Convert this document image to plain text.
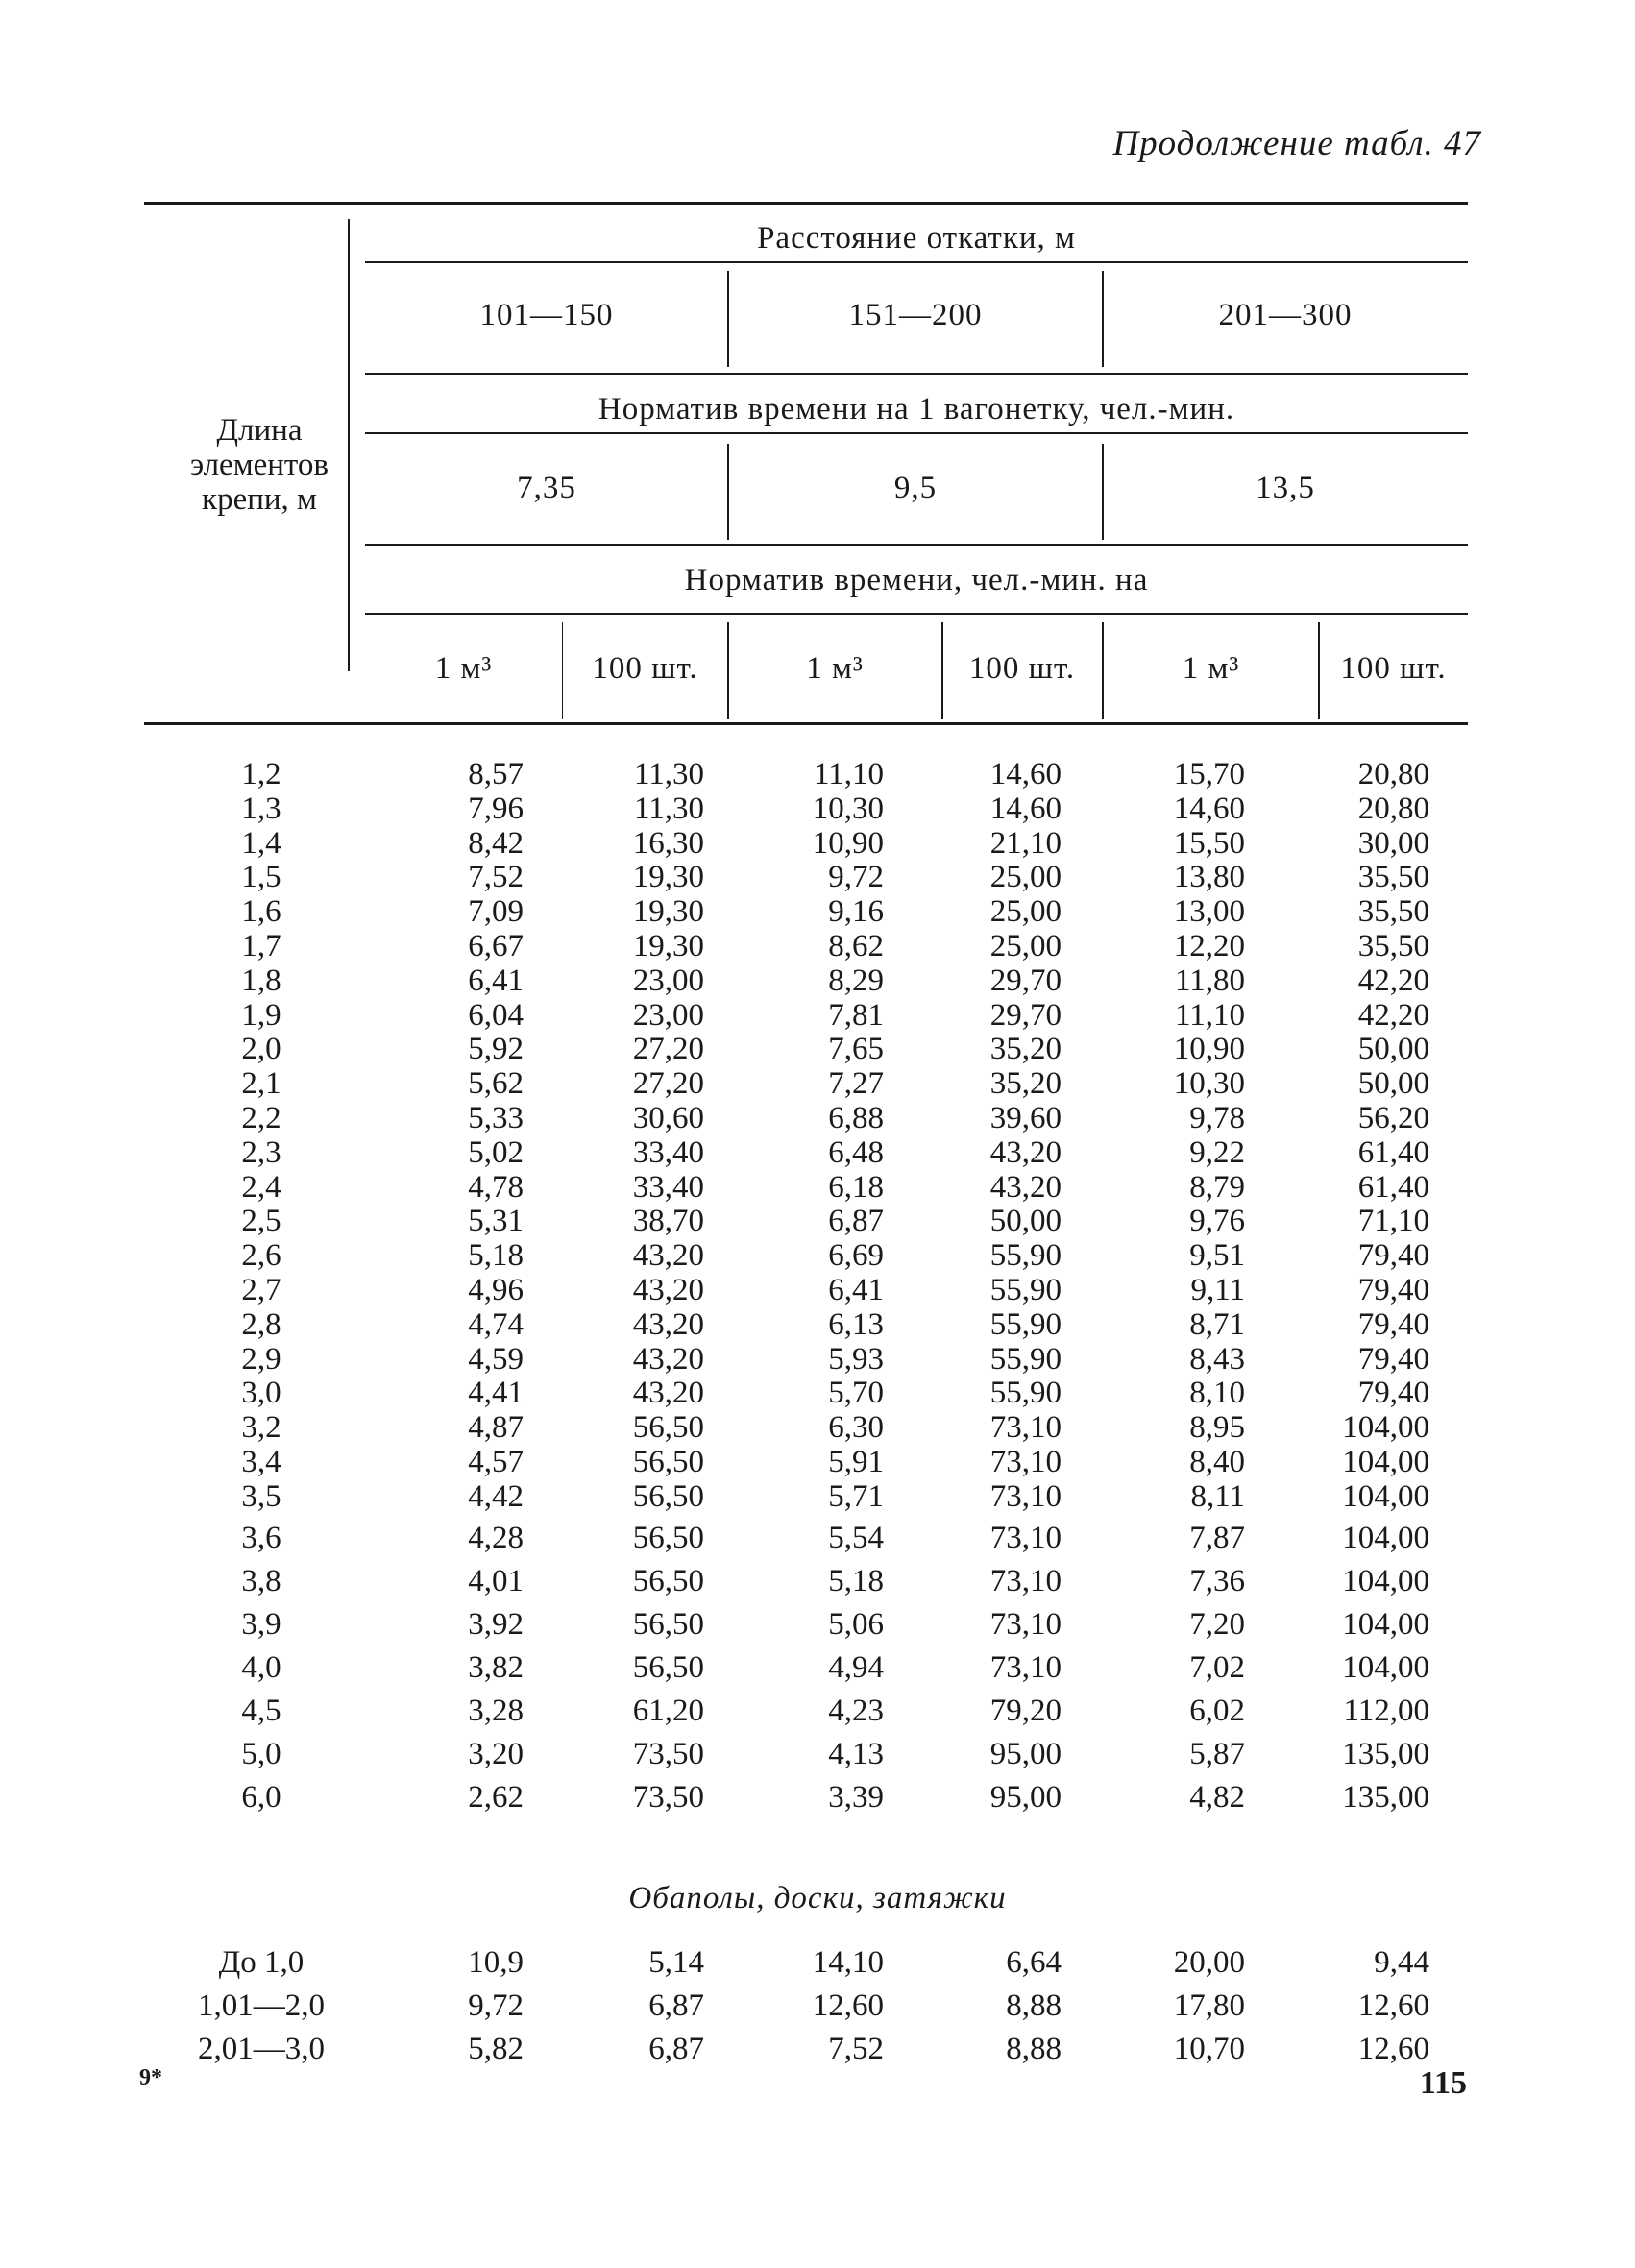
Продолжение табл. 47
Длина
элементов
крепи, м
Расстояние откатки, м
101—150	151—200	201—300
Норматив времени на 1 вагонетку, чел.-мин.
7,35	9,5	13,5
Норматив времени, чел.-мин. на
1 м³	100 шт.	1 м³	100 шт.	1 м³	100 шт.
1,2	8,57	11,30	11,10	14,60	15,70	20,80
1,3	7,96	11,30	10,30	14,60	14,60	20,80
1,4	8,42	16,30	10,90	21,10	15,50	30,00
1,5	7,52	19,30	9,72	25,00	13,80	35,50
1,6	7,09	19,30	9,16	25,00	13,00	35,50
1,7	6,67	19,30	8,62	25,00	12,20	35,50
1,8	6,41	23,00	8,29	29,70	11,80	42,20
1,9	6,04	23,00	7,81	29,70	11,10	42,20
2,0	5,92	27,20	7,65	35,20	10,90	50,00
2,1	5,62	27,20	7,27	35,20	10,30	50,00
2,2	5,33	30,60	6,88	39,60	9,78	56,20
2,3	5,02	33,40	6,48	43,20	9,22	61,40
2,4	4,78	33,40	6,18	43,20	8,79	61,40
2,5	5,31	38,70	6,87	50,00	9,76	71,10
2,6	5,18	43,20	6,69	55,90	9,51	79,40
2,7	4,96	43,20	6,41	55,90	9,11	79,40
2,8	4,74	43,20	6,13	55,90	8,71	79,40
2,9	4,59	43,20	5,93	55,90	8,43	79,40
3,0	4,41	43,20	5,70	55,90	8,10	79,40
3,2	4,87	56,50	6,30	73,10	8,95	104,00
3,4	4,57	56,50	5,91	73,10	8,40	104,00
3,5	4,42	56,50	5,71	73,10	8,11	104,00
3,6	4,28	56,50	5,54	73,10	7,87	104,00
3,8	4,01	56,50	5,18	73,10	7,36	104,00
3,9	3,92	56,50	5,06	73,10	7,20	104,00
4,0	3,82	56,50	4,94	73,10	7,02	104,00
4,5	3,28	61,20	4,23	79,20	6,02	112,00
5,0	3,20	73,50	4,13	95,00	5,87	135,00
6,0	2,62	73,50	3,39	95,00	4,82	135,00
Обаполы, доски, затяжки
До 1,0	10,9	5,14	14,10	6,64	20,00	9,44
1,01—2,0	9,72	6,87	12,60	8,88	17,80	12,60
2,01—3,0	5,82	6,87	7,52	8,88	10,70	12,60
9*	115
